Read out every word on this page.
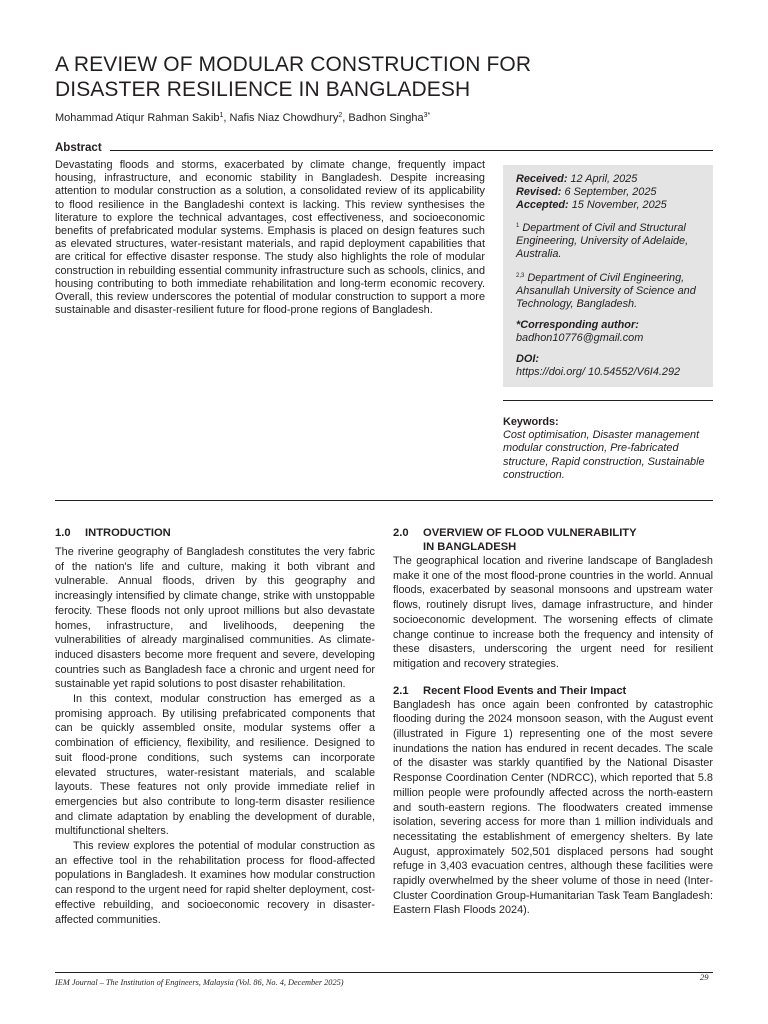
A REVIEW OF MODULAR CONSTRUCTION FOR
DISASTER RESILIENCE IN BANGLADESH
Mohammad Atiqur Rahman Sakib$^1$, Nafis Niaz Chowdhury$^2$, Badhon Singha$^{3*}$
Abstract
Devastating floods and storms, exacerbated by climate change, frequently impact housing, infrastructure, and economic stability in Bangladesh. Despite increasing attention to modular construction as a solution, a consolidated review of its applicability to flood resilience in the Bangladeshi context is lacking. This review synthesises the literature to explore the technical advantages, cost effectiveness, and socioeconomic benefits of prefabricated modular systems. Emphasis is placed on design features such as elevated structures, water-resistant materials, and rapid deployment capabilities that are critical for effective disaster response. The study also highlights the role of modular construction in rebuilding essential community infrastructure such as schools, clinics, and housing contributing to both immediate rehabilitation and long-term economic recovery. Overall, this review underscores the potential of modular construction to support a more sustainable and disaster-resilient future for flood-prone regions of Bangladesh.
Received: 12 April, 2025
Revised: 6 September, 2025
Accepted: 15 November, 2025
$^1$ Department of Civil and Structural Engineering, University of Adelaide, Australia.
$^{2,3}$ Department of Civil Engineering, Ahsanullah University of Science and Technology, Bangladesh.
*Corresponding author:
badhon10776@gmail.com
DOI:
https://doi.org/ 10.54552/V6I4.292
Keywords:
Cost optimisation, Disaster management modular construction, Pre-fabricated structure, Rapid construction, Sustainable construction.
1.0 INTRODUCTION

The riverine geography of Bangladesh constitutes the very fabric of the nation's life and culture, making it both vibrant and vulnerable. Annual floods, driven by this geography and increasingly intensified by climate change, strike with unstoppable ferocity. These floods not only uproot millions but also devastate homes, infrastructure, and livelihoods, deepening the vulnerabilities of already marginalised communities. As climate-induced disasters become more frequent and severe, developing countries such as Bangladesh face a chronic and urgent need for sustainable yet rapid solutions to post disaster rehabilitation.

In this context, modular construction has emerged as a promising approach. By utilising prefabricated components that can be quickly assembled onsite, modular systems offer a combination of efficiency, flexibility, and resilience. Designed to suit flood-prone conditions, such systems can incorporate elevated structures, water-resistant materials, and scalable layouts. These features not only provide immediate relief in emergencies but also contribute to long-term disaster resilience and climate adaptation by enabling the development of durable, multifunctional shelters.

This review explores the potential of modular construction as an effective tool in the rehabilitation process for flood-affected populations in Bangladesh. It examines how modular construction can respond to the urgent need for rapid shelter deployment, cost-effective rebuilding, and socioeconomic recovery in disaster-affected communities.

2.0 OVERVIEW OF FLOOD VULNERABILITY
IN BANGLADESH

The geographical location and riverine landscape of Bangladesh make it one of the most flood-prone countries in the world. Annual floods, exacerbated by seasonal monsoons and upstream water flows, routinely disrupt lives, damage infrastructure, and hinder socioeconomic development. The worsening effects of climate change continue to increase both the frequency and intensity of these disasters, underscoring the urgent need for resilient mitigation and recovery strategies.

2.1 Recent Flood Events and Their Impact

Bangladesh has once again been confronted by catastrophic flooding during the 2024 monsoon season, with the August event (illustrated in Figure 1) representing one of the most severe inundations the nation has endured in recent decades. The scale of the disaster was starkly quantified by the National Disaster Response Coordination Center (NDRCC), which reported that 5.8 million people were profoundly affected across the north-eastern and south-eastern regions. The floodwaters created immense isolation, severing access for more than 1 million individuals and necessitating the establishment of emergency shelters. By late August, approximately 502,501 displaced persons had sought refuge in 3,403 evacuation centres, although these facilities were rapidly overwhelmed by the sheer volume of those in need (Inter-Cluster Coordination Group-Humanitarian Task Team Bangladesh: Eastern Flash Floods 2024).

IEM Journal – The Institution of Engineers, Malaysia (Vol. 86, No. 4, December 2025)
29
